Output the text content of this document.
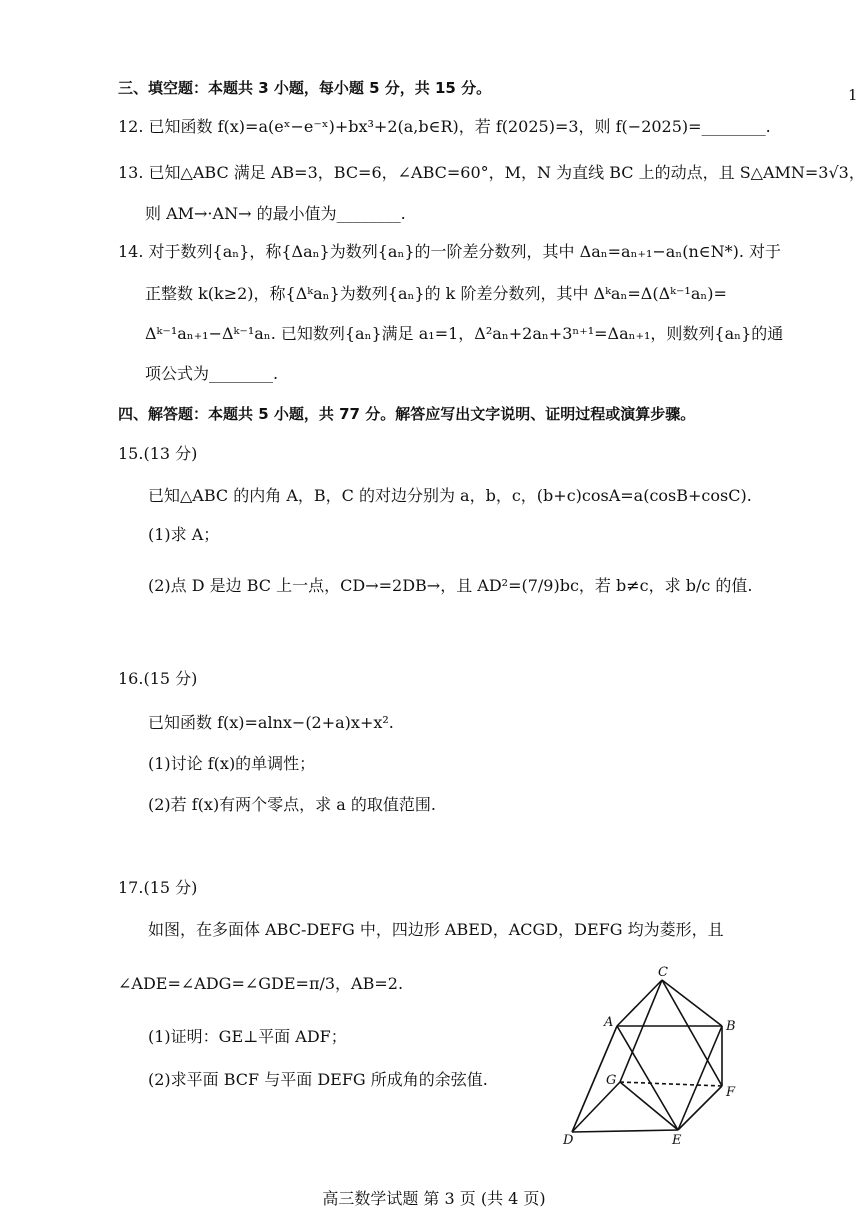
1
三、填空题：本题共 3 小题，每小题 5 分，共 15 分。
12. 已知函数 f(x)=a(eˣ−e⁻ˣ)+bx³+2(a,b∈R)，若 f(2025)=3，则 f(−2025)=________.
13. 已知△ABC 满足 AB=3，BC=6，∠ABC=60°，M，N 为直线 BC 上的动点，且 S△AMN=3√3，
则 AM→·AN→ 的最小值为________.
14. 对于数列{aₙ}，称{Δaₙ}为数列{aₙ}的一阶差分数列，其中 Δaₙ=aₙ₊₁−aₙ(n∈N*). 对于
正整数 k(k≥2)，称{Δᵏaₙ}为数列{aₙ}的 k 阶差分数列，其中 Δᵏaₙ=Δ(Δᵏ⁻¹aₙ)=
Δᵏ⁻¹aₙ₊₁−Δᵏ⁻¹aₙ. 已知数列{aₙ}满足 a₁=1，Δ²aₙ+2aₙ+3ⁿ⁺¹=Δaₙ₊₁，则数列{aₙ}的通
项公式为________.
四、解答题：本题共 5 小题，共 77 分。解答应写出文字说明、证明过程或演算步骤。
15.(13 分)
已知△ABC 的内角 A，B，C 的对边分别为 a，b，c，(b+c)cosA=a(cosB+cosC).
(1)求 A；
(2)点 D 是边 BC 上一点，CD→=2DB→，且 AD²=(7/9)bc，若 b≠c，求 b/c 的值.
16.(15 分)
已知函数 f(x)=alnx−(2+a)x+x².
(1)讨论 f(x)的单调性；
(2)若 f(x)有两个零点，求 a 的取值范围.
17.(15 分)
如图，在多面体 ABC-DEFG 中，四边形 ABED，ACGD，DEFG 均为菱形，且
∠ADE=∠ADG=∠GDE=π/3，AB=2.
(1)证明：GE⊥平面 ADF；
(2)求平面 BCF 与平面 DEFG 所成角的余弦值.
C
A	B
G
F
D	E
高三数学试题 第 3 页 (共 4 页)
